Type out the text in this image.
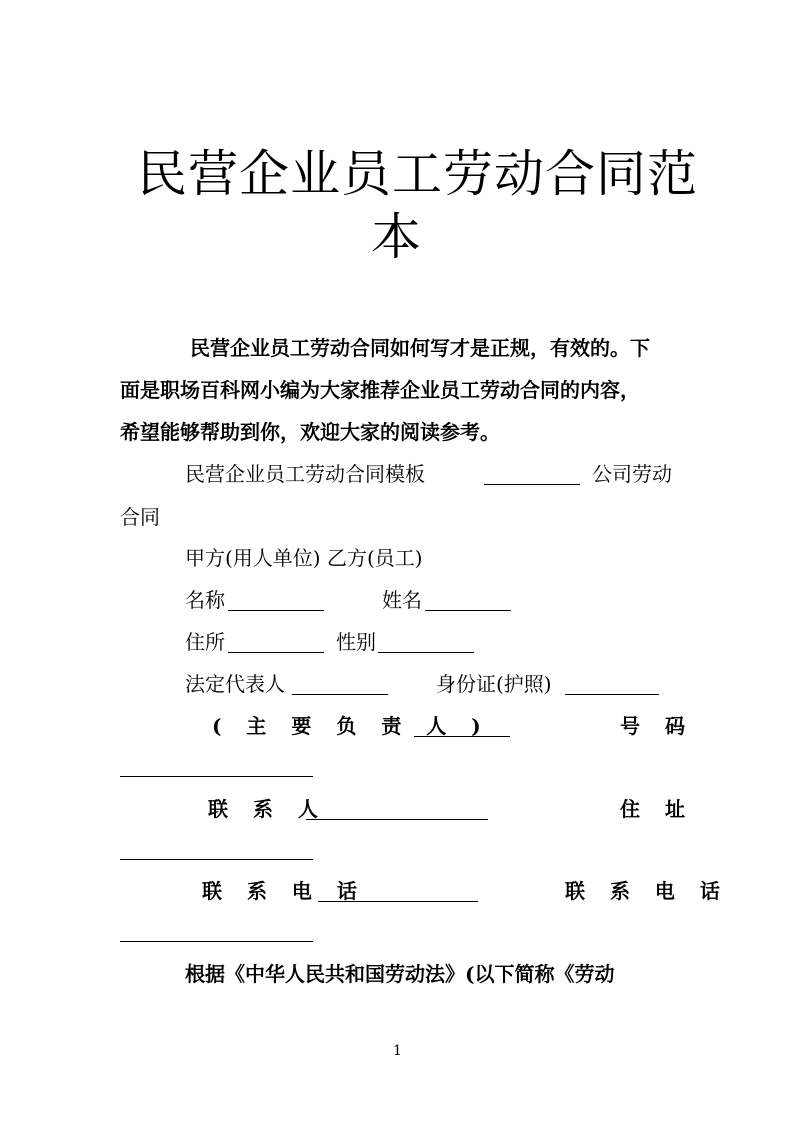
民营企业员工劳动合同范
本
民营企业员工劳动合同如何写才是正规，有效的。下
面是职场百科网小编为大家推荐企业员工劳动合同的内容，
希望能够帮助到你，欢迎大家的阅读参考。
民营企业员工劳动合同模板	公司劳动
合同
甲方(用人单位) 乙方(员工)
名称	姓名
住所	性别
法定代表人	身份证(护照)
( 主 要 负 责 人 )	号 码
联 系 人	住 址
联 系 电 话	联 系 电 话
根据《中华人民共和国劳动法》(以下简称《劳动
1
